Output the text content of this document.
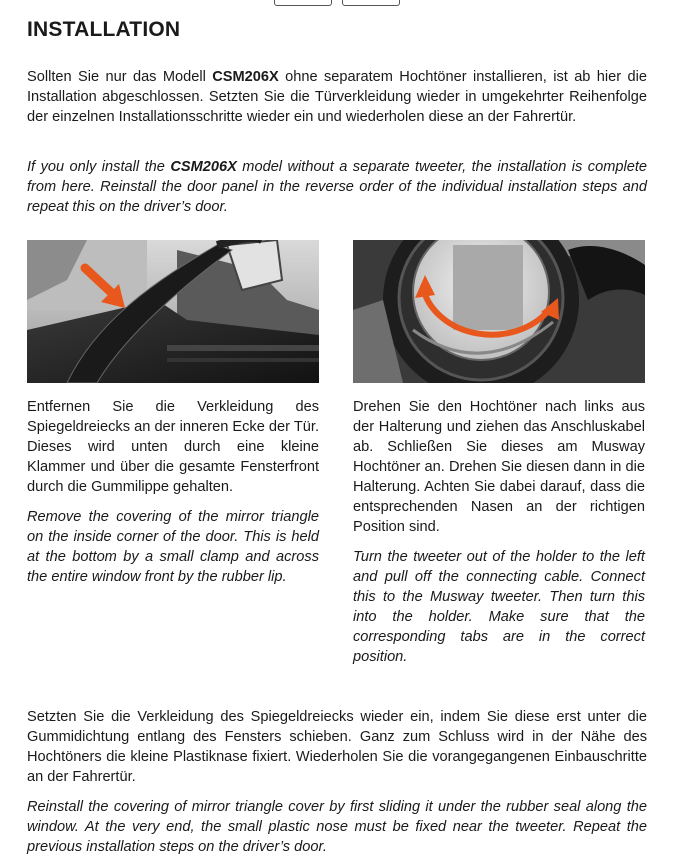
INSTALLATION

Sollten Sie nur das Modell CSM206X ohne separatem Hochtöner installieren, ist ab hier die Installation abgeschlossen. Setzten Sie die Türverkleidung wieder in umgekehrter Reihenfolge der einzelnen Installationsschritte wieder ein und wiederholen diese an der Fahrertür.

If you only install the CSM206X model without a separate tweeter, the installation is complete from here. Reinstall the door panel in the reverse order of the individual installation steps and repeat this on the driver’s door.

Entfernen Sie die Verkleidung des Spiegeldreiecks an der inneren Ecke der Tür. Dieses wird unten durch eine kleine Klammer und über die gesamte Fensterfront durch die Gummilippe gehalten.

Remove the covering of the mirror triangle on the inside corner of the door. This is held at the bottom by a small clamp and across the entire window front by the rubber lip.

Drehen Sie den Hochtöner nach links aus der Halterung und ziehen das Anschluskabel ab. Schließen Sie dieses am Musway Hochtöner an. Drehen Sie diesen dann in die Halterung. Achten Sie dabei darauf, dass die entsprechenden Nasen an der richtigen Position sind.

Turn the tweeter out of the holder to the left and pull off the connecting cable. Connect this to the Musway tweeter. Then turn this into the holder. Make sure that the corresponding tabs are in the correct position.

Setzten Sie die Verkleidung des Spiegeldreiecks wieder ein, indem Sie diese erst unter die Gummidichtung entlang des Fensters schieben. Ganz zum Schluss wird in der Nähe des Hochtöners die kleine Plastiknase fixiert. Wiederholen Sie die vorangegangenen Einbauschritte an der Fahrertür.

Reinstall the covering of mirror triangle cover by first sliding it under the rubber seal along the window. At the very end, the small plastic nose must be fixed near the tweeter. Repeat the previous installation steps on the driver’s door.
